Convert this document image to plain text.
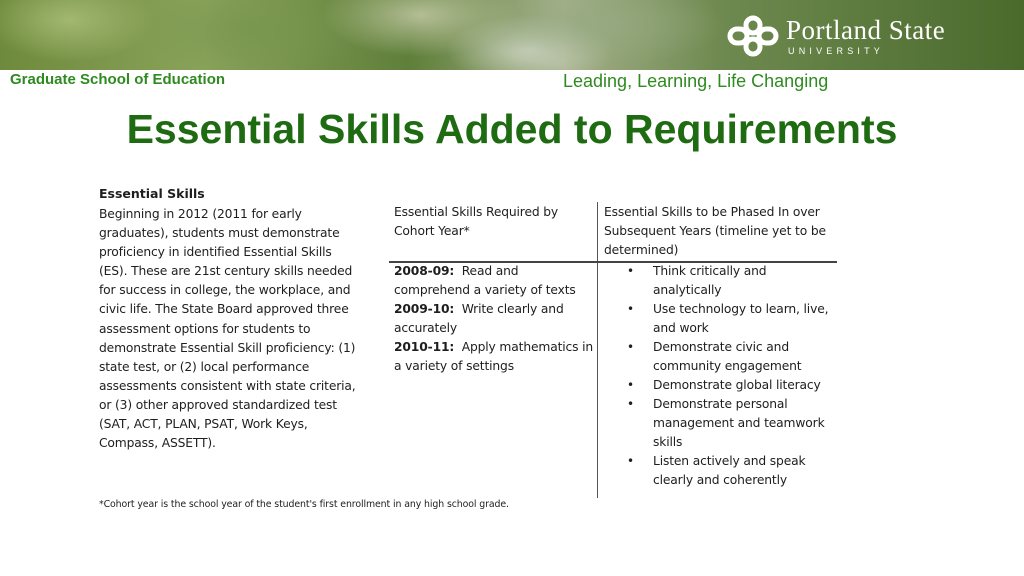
Portland State
UNIVERSITY
Graduate School of Education	Leading, Learning, Life Changing
Essential Skills Added to Requirements
Essential Skills
Beginning in 2012 (2011 for early graduates), students must demonstrate proficiency in identified Essential Skills (ES). These are 21st century skills needed for success in college, the workplace, and civic life. The State Board approved three assessment options for students to demonstrate Essential Skill proficiency: (1) state test, or (2) local performance assessments consistent with state criteria, or (3) other approved standardized test (SAT, ACT, PLAN, PSAT, Work Keys, Compass, ASSETT).
Essential Skills Required by Cohort Year*
Essential Skills to be Phased In over Subsequent Years (timeline yet to be determined)
2008-09: Read and comprehend a variety of texts
2009-10: Write clearly and accurately
2010-11: Apply mathematics in a variety of settings
• Think critically and analytically
• Use technology to learn, live, and work
• Demonstrate civic and community engagement
• Demonstrate global literacy
• Demonstrate personal management and teamwork skills
• Listen actively and speak clearly and coherently
*Cohort year is the school year of the student's first enrollment in any high school grade.
